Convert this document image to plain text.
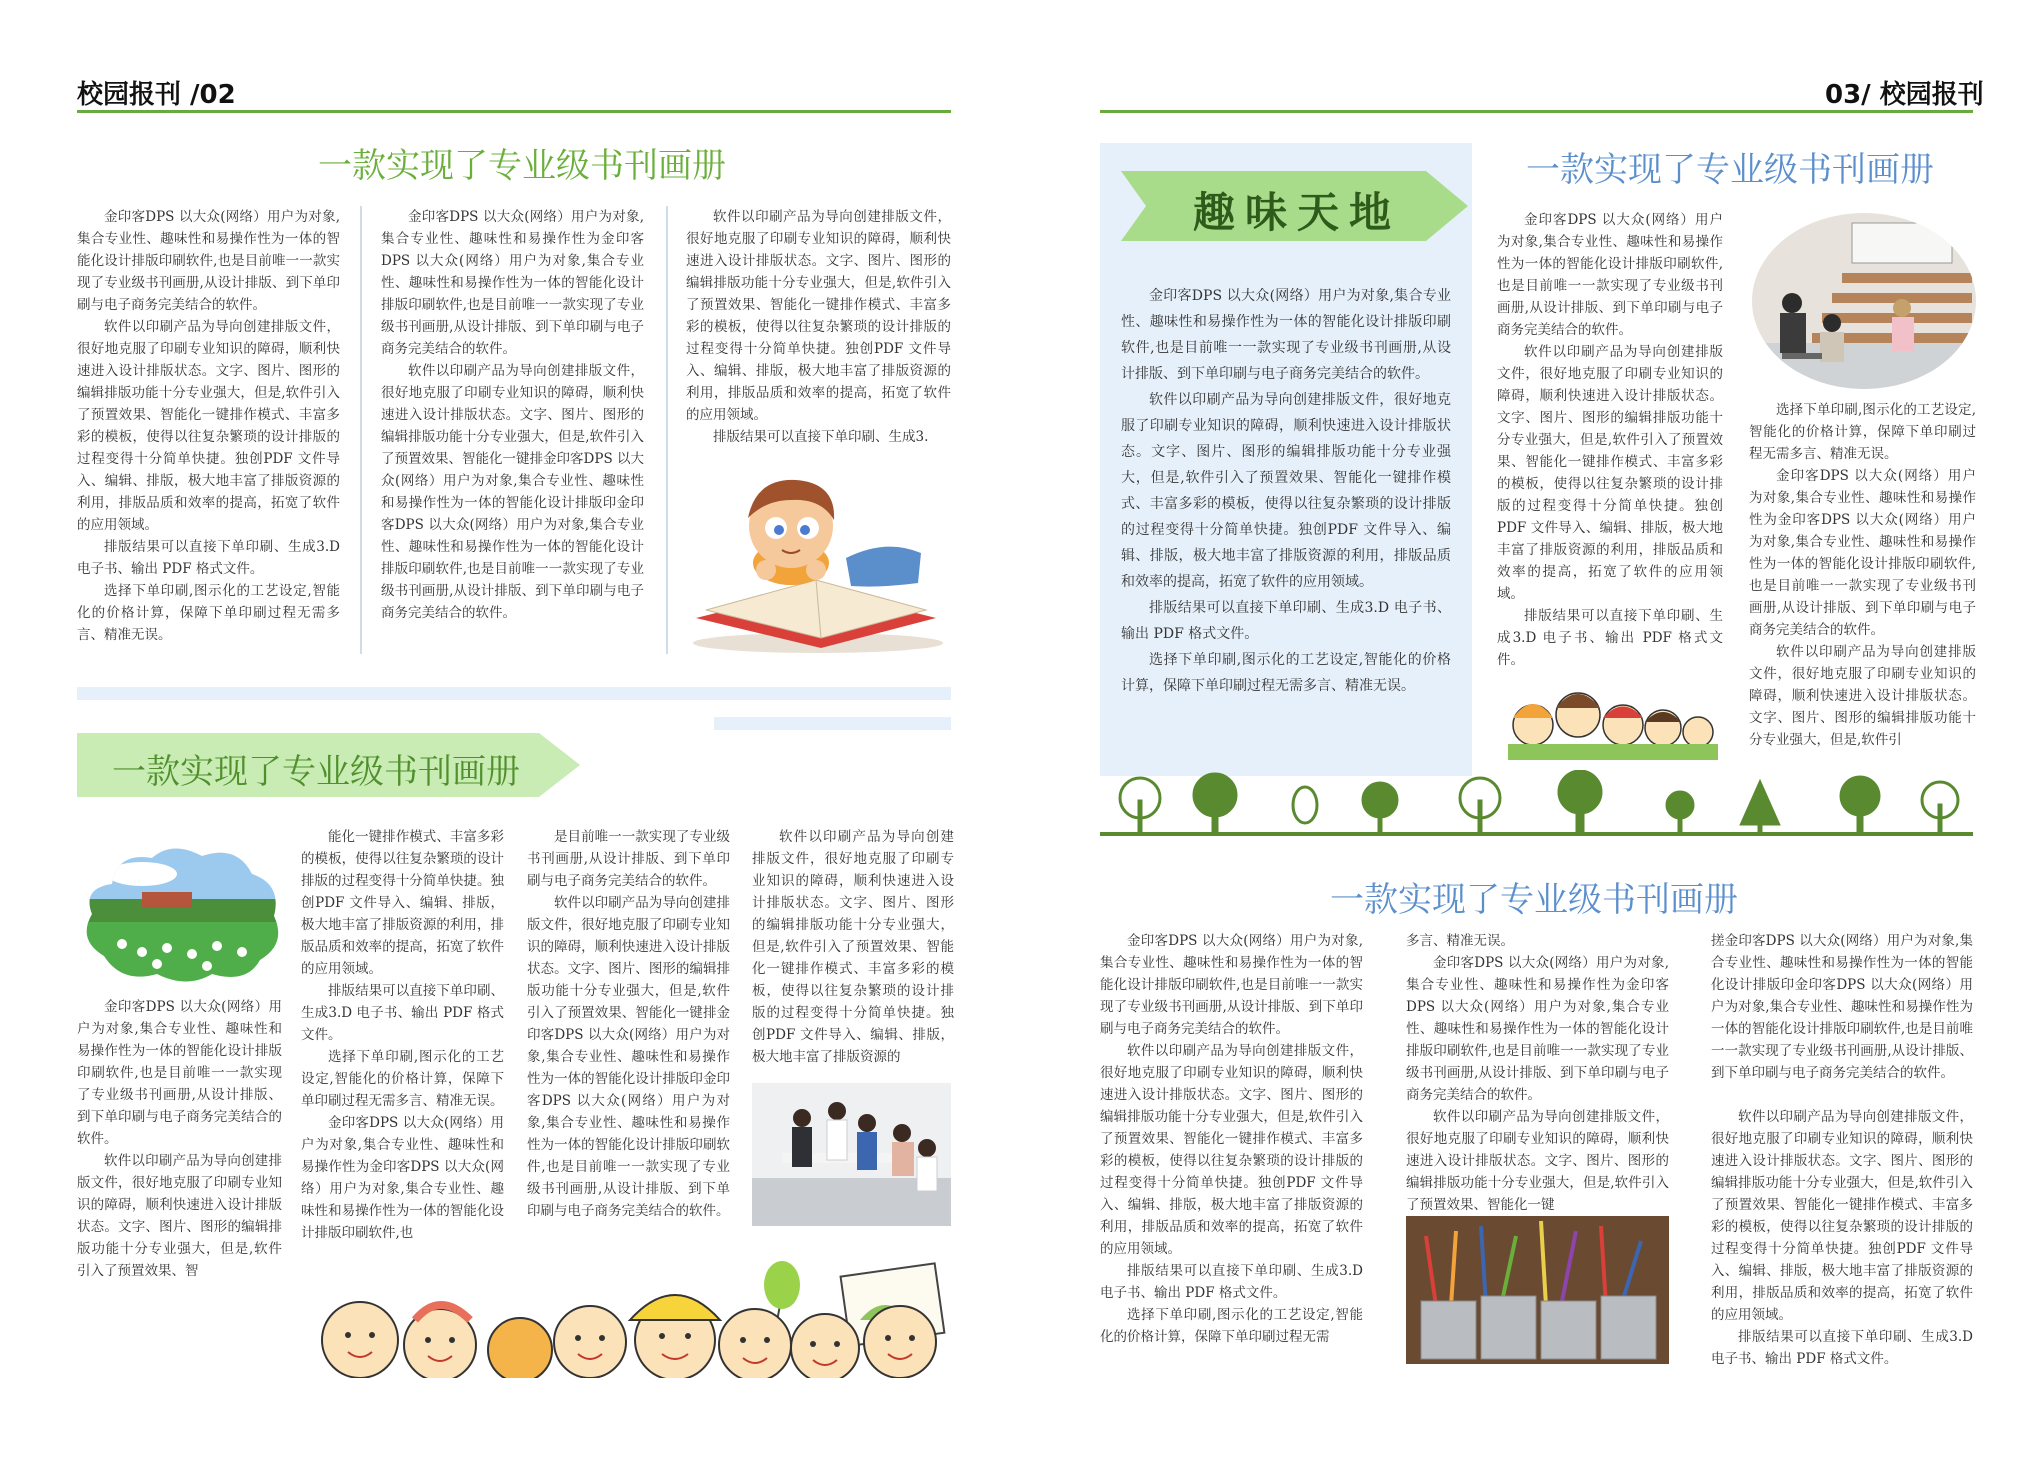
校园报刊 /02
一款实现了专业级书刊画册

金印客DPS 以大众(网络）用户为对象,集合专业性、趣味性和易操作性为一体的智能化设计排版印刷软件,也是目前唯一一款实现了专业级书刊画册,从设计排版、到下单印刷与电子商务完美结合的软件。

软件以印刷产品为导向创建排版文件，很好地克服了印刷专业知识的障碍，顺利快速进入设计排版状态。文字、图片、图形的编辑排版功能十分专业强大，但是,软件引入了预置效果、智能化一键排作模式、丰富多彩的模板，使得以往复杂繁琐的设计排版的过程变得十分简单快捷。独创PDF 文件导入、编辑、排版，极大地丰富了排版资源的利用，排版品质和效率的提高，拓宽了软件的应用领域。

排版结果可以直接下单印刷、生成3.D 电子书、输出 PDF 格式文件。

选择下单印刷,图示化的工艺设定,智能化的价格计算，保障下单印刷过程无需多言、精准无误。

金印客DPS 以大众(网络）用户为对象,集合专业性、趣味性和易操作性为金印客 DPS 以大众(网络）用户为对象,集合专业性、趣味性和易操作性为一体的智能化设计排版印刷软件,也是目前唯一一款实现了专业级书刊画册,从设计排版、到下单印刷与电子商务完美结合的软件。

软件以印刷产品为导向创建排版文件，很好地克服了印刷专业知识的障碍，顺利快速进入设计排版状态。文字、图片、图形的编辑排版功能十分专业强大，但是,软件引入了预置效果、智能化一键排金印客DPS 以大众(网络）用户为对象,集合专业性、趣味性和易操作性为一体的智能化设计排版印金印客DPS 以大众(网络）用户为对象,集合专业性、趣味性和易操作性为一体的智能化设计排版印刷软件,也是目前唯一一款实现了专业级书刊画册,从设计排版、到下单印刷与电子商务完美结合的软件。

软件以印刷产品为导向创建排版文件，很好地克服了印刷专业知识的障碍，顺利快速进入设计排版状态。文字、图片、图形的编辑排版功能十分专业强大，但是,软件引入了预置效果、智能化一键排作模式、丰富多彩的模板，使得以往复杂繁琐的设计排版的过程变得十分简单快捷。独创PDF 文件导入、编辑、排版，极大地丰富了排版资源的利用，排版品质和效率的提高，拓宽了软件的应用领域。

排版结果可以直接下单印刷、生成3.

一款实现了专业级书刊画册

金印客DPS 以大众(网络）用户为对象,集合专业性、趣味性和易操作性为一体的智能化设计排版印刷软件,也是目前唯一一款实现了专业级书刊画册,从设计排版、到下单印刷与电子商务完美结合的软件。

软件以印刷产品为导向创建排版文件，很好地克服了印刷专业知识的障碍，顺利快速进入设计排版状态。文字、图片、图形的编辑排版功能十分专业强大，但是,软件引入了预置效果、智

能化一键排作模式、丰富多彩的模板，使得以往复杂繁琐的设计排版的过程变得十分简单快捷。独创PDF 文件导入、编辑、排版，极大地丰富了排版资源的利用，排版品质和效率的提高，拓宽了软件的应用领域。

排版结果可以直接下单印刷、生成3.D 电子书、输出 PDF 格式文件。

选择下单印刷,图示化的工艺设定,智能化的价格计算，保障下单印刷过程无需多言、精准无误。

金印客DPS 以大众(网络）用户为对象,集合专业性、趣味性和易操作性为金印客DPS 以大众(网络）用户为对象,集合专业性、趣味性和易操作性为一体的智能化设计排版印刷软件,也

是目前唯一一款实现了专业级书刊画册,从设计排版、到下单印刷与电子商务完美结合的软件。

软件以印刷产品为导向创建排版文件，很好地克服了印刷专业知识的障碍，顺利快速进入设计排版状态。文字、图片、图形的编辑排版功能十分专业强大，但是,软件引入了预置效果、智能化一键排金印客DPS 以大众(网络）用户为对象,集合专业性、趣味性和易操作性为一体的智能化设计排版印金印客DPS 以大众(网络）用户为对象,集合专业性、趣味性和易操作性为一体的智能化设计排版印刷软件,也是目前唯一一款实现了专业级书刊画册,从设计排版、到下单印刷与电子商务完美结合的软件。

软件以印刷产品为导向创建排版文件，很好地克服了印刷专业知识的障碍，顺利快速进入设计排版状态。文字、图片、图形的编辑排版功能十分专业强大，但是,软件引入了预置效果、智能化一键排作模式、丰富多彩的模板，使得以往复杂繁琐的设计排版的过程变得十分简单快捷。独创PDF 文件导入、编辑、排版，极大地丰富了排版资源的

03/ 校园报刊
趣味天地

金印客DPS 以大众(网络）用户为对象,集合专业性、趣味性和易操作性为一体的智能化设计排版印刷软件,也是目前唯一一款实现了专业级书刊画册,从设计排版、到下单印刷与电子商务完美结合的软件。

软件以印刷产品为导向创建排版文件，很好地克服了印刷专业知识的障碍，顺利快速进入设计排版状态。文字、图片、图形的编辑排版功能十分专业强大，但是,软件引入了预置效果、智能化一键排作模式、丰富多彩的模板，使得以往复杂繁琐的设计排版的过程变得十分简单快捷。独创PDF 文件导入、编辑、排版，极大地丰富了排版资源的利用，排版品质和效率的提高，拓宽了软件的应用领域。

排版结果可以直接下单印刷、生成3.D 电子书、输出 PDF 格式文件。

选择下单印刷,图示化的工艺设定,智能化的价格计算，保障下单印刷过程无需多言、精准无误。

一款实现了专业级书刊画册

金印客DPS 以大众(网络）用户为对象,集合专业性、趣味性和易操作性为一体的智能化设计排版印刷软件,也是目前唯一一款实现了专业级书刊画册,从设计排版、到下单印刷与电子商务完美结合的软件。

软件以印刷产品为导向创建排版文件，很好地克服了印刷专业知识的障碍，顺利快速进入设计排版状态。文字、图片、图形的编辑排版功能十分专业强大，但是,软件引入了预置效果、智能化一键排作模式、丰富多彩的模板，使得以往复杂繁琐的设计排版的过程变得十分简单快捷。独创PDF 文件导入、编辑、排版，极大地丰富了排版资源的利用，排版品质和效率的提高，拓宽了软件的应用领域。

排版结果可以直接下单印刷、生成3.D 电子书、输出 PDF 格式文件。

选择下单印刷,图示化的工艺设定,智能化的价格计算，保障下单印刷过程无需多言、精准无误。

金印客DPS 以大众(网络）用户为对象,集合专业性、趣味性和易操作性为金印客DPS 以大众(网络）用户为对象,集合专业性、趣味性和易操作性为一体的智能化设计排版印刷软件,也是目前唯一一款实现了专业级书刊画册,从设计排版、到下单印刷与电子商务完美结合的软件。

软件以印刷产品为导向创建排版文件，很好地克服了印刷专业知识的障碍，顺利快速进入设计排版状态。文字、图片、图形的编辑排版功能十分专业强大，但是,软件引

一款实现了专业级书刊画册

金印客DPS 以大众(网络）用户为对象,集合专业性、趣味性和易操作性为一体的智能化设计排版印刷软件,也是目前唯一一款实现了专业级书刊画册,从设计排版、到下单印刷与电子商务完美结合的软件。

软件以印刷产品为导向创建排版文件，很好地克服了印刷专业知识的障碍，顺利快速进入设计排版状态。文字、图片、图形的编辑排版功能十分专业强大，但是,软件引入了预置效果、智能化一键排作模式、丰富多彩的模板，使得以往复杂繁琐的设计排版的过程变得十分简单快捷。独创PDF 文件导入、编辑、排版，极大地丰富了排版资源的利用，排版品质和效率的提高，拓宽了软件的应用领域。

排版结果可以直接下单印刷、生成3.D 电子书、输出 PDF 格式文件。

选择下单印刷,图示化的工艺设定,智能化的价格计算，保障下单印刷过程无需

多言、精准无误。

金印客DPS 以大众(网络）用户为对象,集合专业性、趣味性和易操作性为金印客DPS 以大众(网络）用户为对象,集合专业性、趣味性和易操作性为一体的智能化设计排版印刷软件,也是目前唯一一款实现了专业级书刊画册,从设计排版、到下单印刷与电子商务完美结合的软件。

软件以印刷产品为导向创建排版文件，很好地克服了印刷专业知识的障碍，顺利快速进入设计排版状态。文字、图片、图形的编辑排版功能十分专业强大，但是,软件引入了预置效果、智能化一键

搓金印客DPS 以大众(网络）用户为对象,集合专业性、趣味性和易操作性为一体的智能化设计排版印金印客DPS 以大众(网络）用户为对象,集合专业性、趣味性和易操作性为一体的智能化设计排版印刷软件,也是目前唯一一款实现了专业级书刊画册,从设计排版、到下单印刷与电子商务完美结合的软件。

软件以印刷产品为导向创建排版文件，很好地克服了印刷专业知识的障碍，顺利快速进入设计排版状态。文字、图片、图形的编辑排版功能十分专业强大，但是,软件引入了预置效果、智能化一键排作模式、丰富多彩的模板，使得以往复杂繁琐的设计排版的过程变得十分简单快捷。独创PDF 文件导入、编辑、排版，极大地丰富了排版资源的利用，排版品质和效率的提高，拓宽了软件的应用领域。

排版结果可以直接下单印刷、生成3.D 电子书、输出 PDF 格式文件。
